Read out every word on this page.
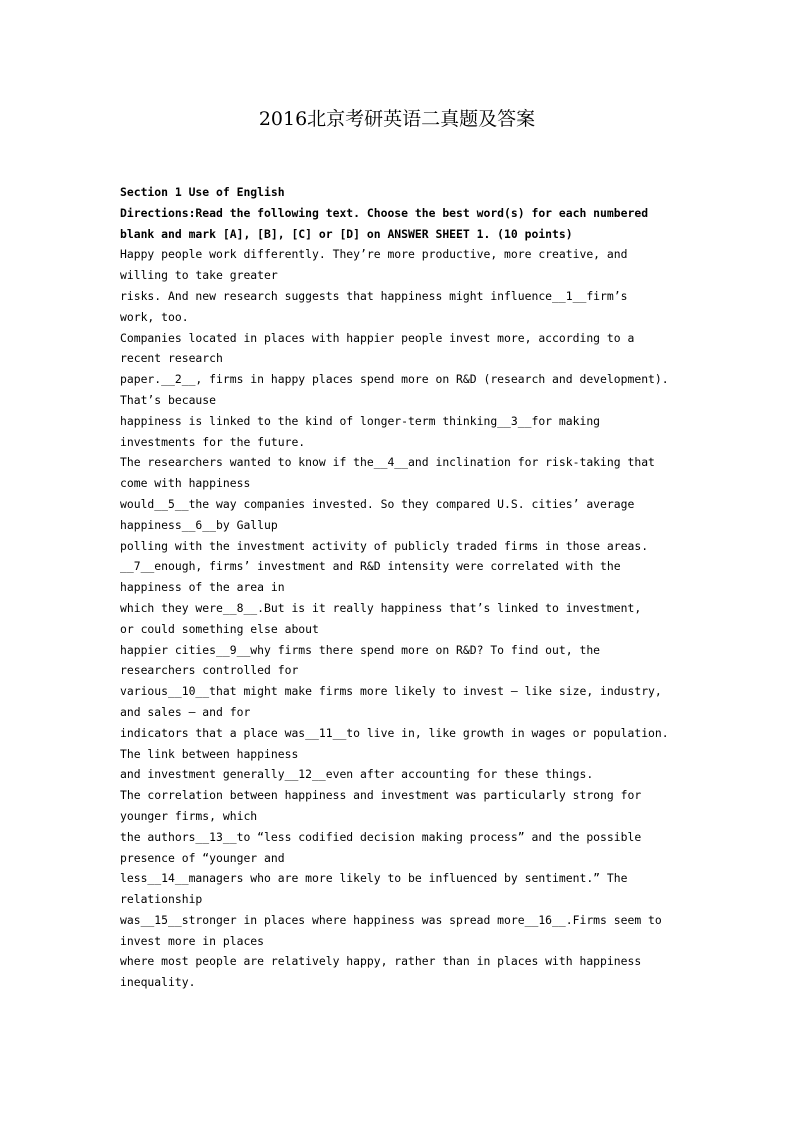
2016北京考研英语二真题及答案
Section 1 Use of English
Directions:Read the following text. Choose the best word(s) for each numbered
blank and mark [A], [B], [C] or [D] on ANSWER SHEET 1. (10 points)
Happy people work differently. They’re more productive, more creative, and
willing to take greater
risks. And new research suggests that happiness might influence__1__firm’s
work, too.
Companies located in places with happier people invest more, according to a
recent research
paper.__2__, firms in happy places spend more on R&D (research and development).
That’s because
happiness is linked to the kind of longer-term thinking__3__for making
investments for the future.
The researchers wanted to know if the__4__and inclination for risk-taking that
come with happiness
would__5__the way companies invested. So they compared U.S. cities’ average
happiness__6__by Gallup
polling with the investment activity of publicly traded firms in those areas.
__7__enough, firms’ investment and R&D intensity were correlated with the
happiness of the area in
which they were__8__.But is it really happiness that’s linked to investment,
or could something else about
happier cities__9__why firms there spend more on R&D? To find out, the
researchers controlled for
various__10__that might make firms more likely to invest – like size, industry,
and sales – and for
indicators that a place was__11__to live in, like growth in wages or population.
The link between happiness
and investment generally__12__even after accounting for these things.
The correlation between happiness and investment was particularly strong for
younger firms, which
the authors__13__to “less codified decision making process” and the possible
presence of “younger and
less__14__managers who are more likely to be influenced by sentiment.” The
relationship
was__15__stronger in places where happiness was spread more__16__.Firms seem to
invest more in places
where most people are relatively happy, rather than in places with happiness
inequality.
